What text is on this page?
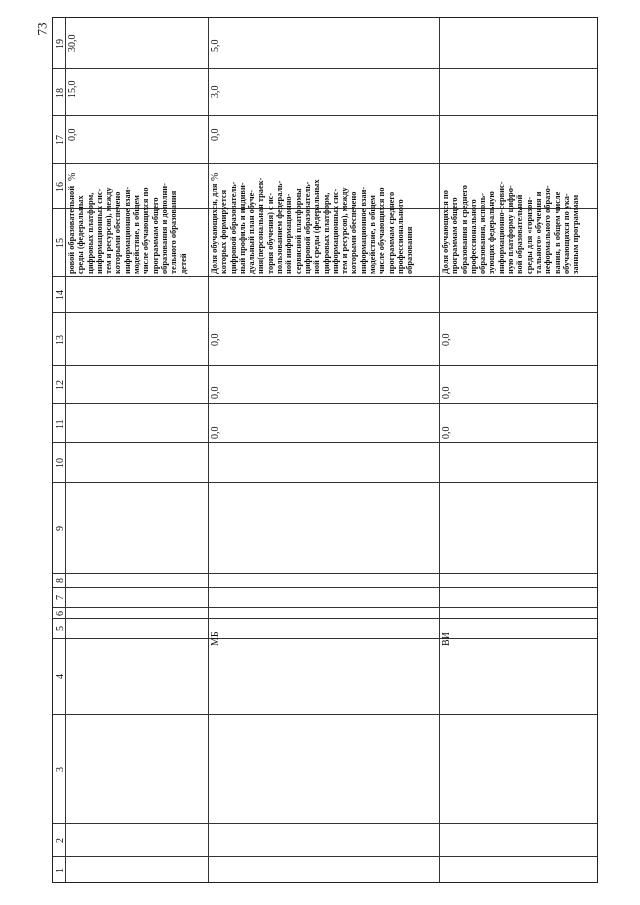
73
19
18
17
16
15
14
13
12
11
10
9
8
7
6
5
4
3
2
1
%
0,0
15,0
30,0
ровой образовательной среды (федеральных цифровых платформ, информационных сис- тем и ресурсов), между которыми обеспечено информационное взаи- модействие, в общем числе обучающихся по программам общего образования и дополни- тельного образования детей
МБ
0,0
0,0
0,0
%
0,0
3,0
5,0
Доля обучающихся, для которых формируется цифровой образователь- ный профиль и индиви- дуальный план обуче- ния(персональная траек- тория обучения) с ис- пользованием федераль- ной информационно- сервисной платформы цифровой образователь- ной среды (федеральных цифровых платформ, информационных сис- тем и ресурсов), между которыми обеспечено информационное взаи- модействие, в общем числе обучающихся по программам среднего профессионального образования
ВИ
0,0
0,0
0,0
Доля обучающихся по программам общего образования и среднего профессионального образования, исполь- зующих федеральную информационно-сервис- ную платформу цифро- вой образовательной среды для «горизон- тального» обучения и неформального образо- вания, в общем числе обучающихся по ука- занным программам
